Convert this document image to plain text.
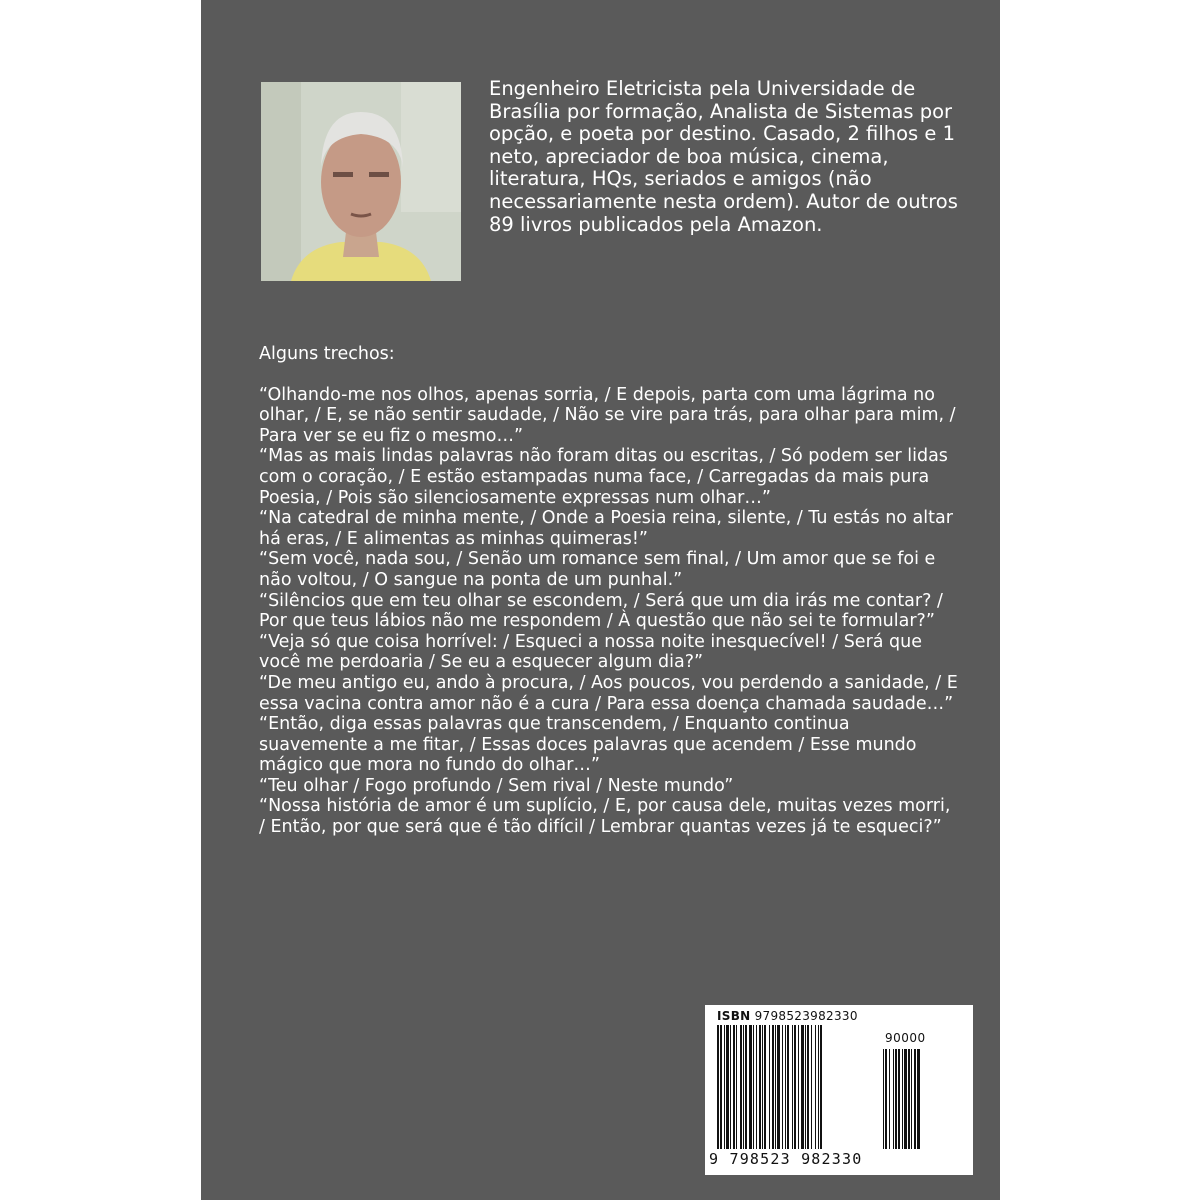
Engenheiro Eletricista pela Universidade de Brasília por formação, Analista de Sistemas por opção, e poeta por destino. Casado, 2 filhos e 1 neto, apreciador de boa música, cinema, literatura, HQs, seriados e amigos (não necessariamente nesta ordem). Autor de outros 89 livros publicados pela Amazon.

Alguns trechos:

“Olhando-me nos olhos, apenas sorria, / E depois, parta com uma lágrima no olhar, / E, se não sentir saudade, / Não se vire para trás, para olhar para mim, / Para ver se eu fiz o mesmo…”

“Mas as mais lindas palavras não foram ditas ou escritas, / Só podem ser lidas com o coração, / E estão estampadas numa face, / Carregadas da mais pura Poesia, / Pois são silenciosamente expressas num olhar…”

“Na catedral de minha mente, / Onde a Poesia reina, silente, / Tu estás no altar há eras, / E alimentas as minhas quimeras!”

“Sem você, nada sou, / Senão um romance sem final, / Um amor que se foi e não voltou, / O sangue na ponta de um punhal.”

“Silêncios que em teu olhar se escondem, / Será que um dia irás me contar? / Por que teus lábios não me respondem / À questão que não sei te formular?”

“Veja só que coisa horrível: / Esqueci a nossa noite inesquecível! / Será que você me perdoaria / Se eu a esquecer algum dia?”

“De meu antigo eu, ando à procura, / Aos poucos, vou perdendo a sanidade, / E essa vacina contra amor não é a cura / Para essa doença chamada saudade…”

“Então, diga essas palavras que transcendem, / Enquanto continua suavemente a me fitar, / Essas doces palavras que acendem / Esse mundo mágico que mora no fundo do olhar…”

“Teu olhar / Fogo profundo / Sem rival / Neste mundo”

“Nossa história de amor é um suplício, / E, por causa dele, muitas vezes morri, / Então, por que será que é tão difícil / Lembrar quantas vezes já te esqueci?”

ISBN 9798523982330
90000
9 798523 982330
